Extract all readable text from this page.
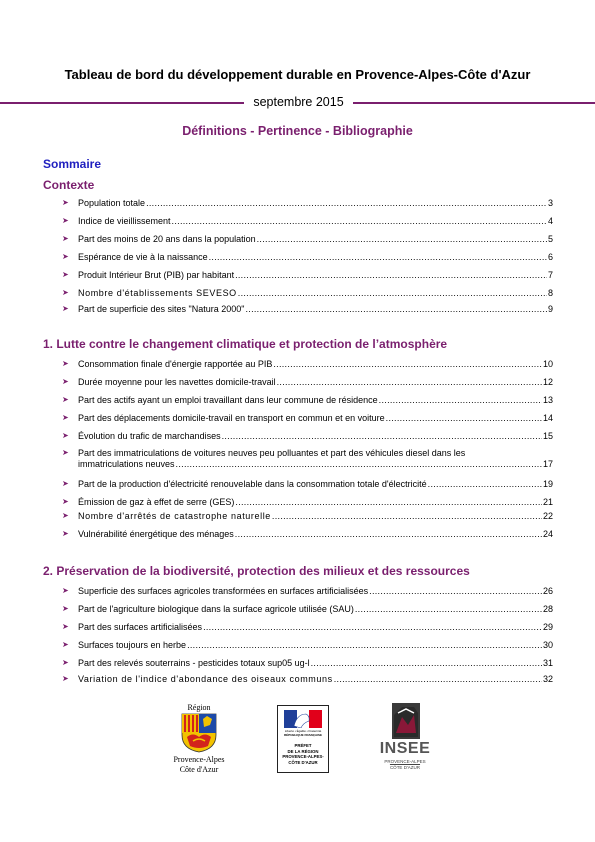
Tableau de bord du développement durable en Provence-Alpes-Côte d'Azur
septembre 2015
Définitions - Pertinence - Bibliographie
Sommaire
Contexte
1. Lutte contre le changement climatique et protection de l’atmosphère
2. Préservation de la biodiversité, protection des milieux et des ressources
➤ Population totale .....	3
➤ Indice de vieillissement .....	4
➤ Part des moins de 20 ans dans la population .....	5
➤ Espérance de vie à la naissance .....	6
➤ Produit Intérieur Brut (PIB) par habitant .....	7
➤ Nombre d'établissements SEVESO .....	8
➤ Part de superficie des sites "Natura 2000" .....	9
➤ Consommation finale d'énergie rapportée au PIB .....	10
➤ Durée moyenne pour les navettes domicile-travail .....	12
➤ Part des actifs ayant un emploi travaillant dans leur commune de résidence .....	13
➤ Part des déplacements domicile-travail en transport en commun et en voiture .....	14
➤ Évolution du trafic de marchandises .....	15
➤ Part des immatriculations de voitures neuves peu polluantes et part des véhicules diesel dans les
immatriculations neuves .....	17
➤ Part de la production d'électricité renouvelable dans la consommation totale d'électricité .....	19
➤ Émission de gaz à effet de serre (GES) .....	21
➤ Nombre d'arrêtés de catastrophe naturelle .....	22
➤ Vulnérabilité énergétique des ménages .....	24
➤ Superficie des surfaces agricoles transformées en surfaces artificialisées .....	26
➤ Part de l'agriculture biologique dans la surface agricole utilisée (SAU) .....	28
➤ Part des surfaces artificialisées .....	29
➤ Surfaces toujours en herbe .....	30
➤ Part des relevés souterrains - pesticides totaux sup05 ug-l .....	31
➤ Variation de l'indice d'abondance des oiseaux communs .....	32
Région
Provence-Alpes
Côte d'Azur
Liberté • Égalité • Fraternité
RÉPUBLIQUE FRANÇAISE
PRÉFET
DE LA RÉGION
PROVENCE-ALPES-
CÔTE D'AZUR
INSEE
PROVENCE-ALPES
CÔTE D'AZUR
